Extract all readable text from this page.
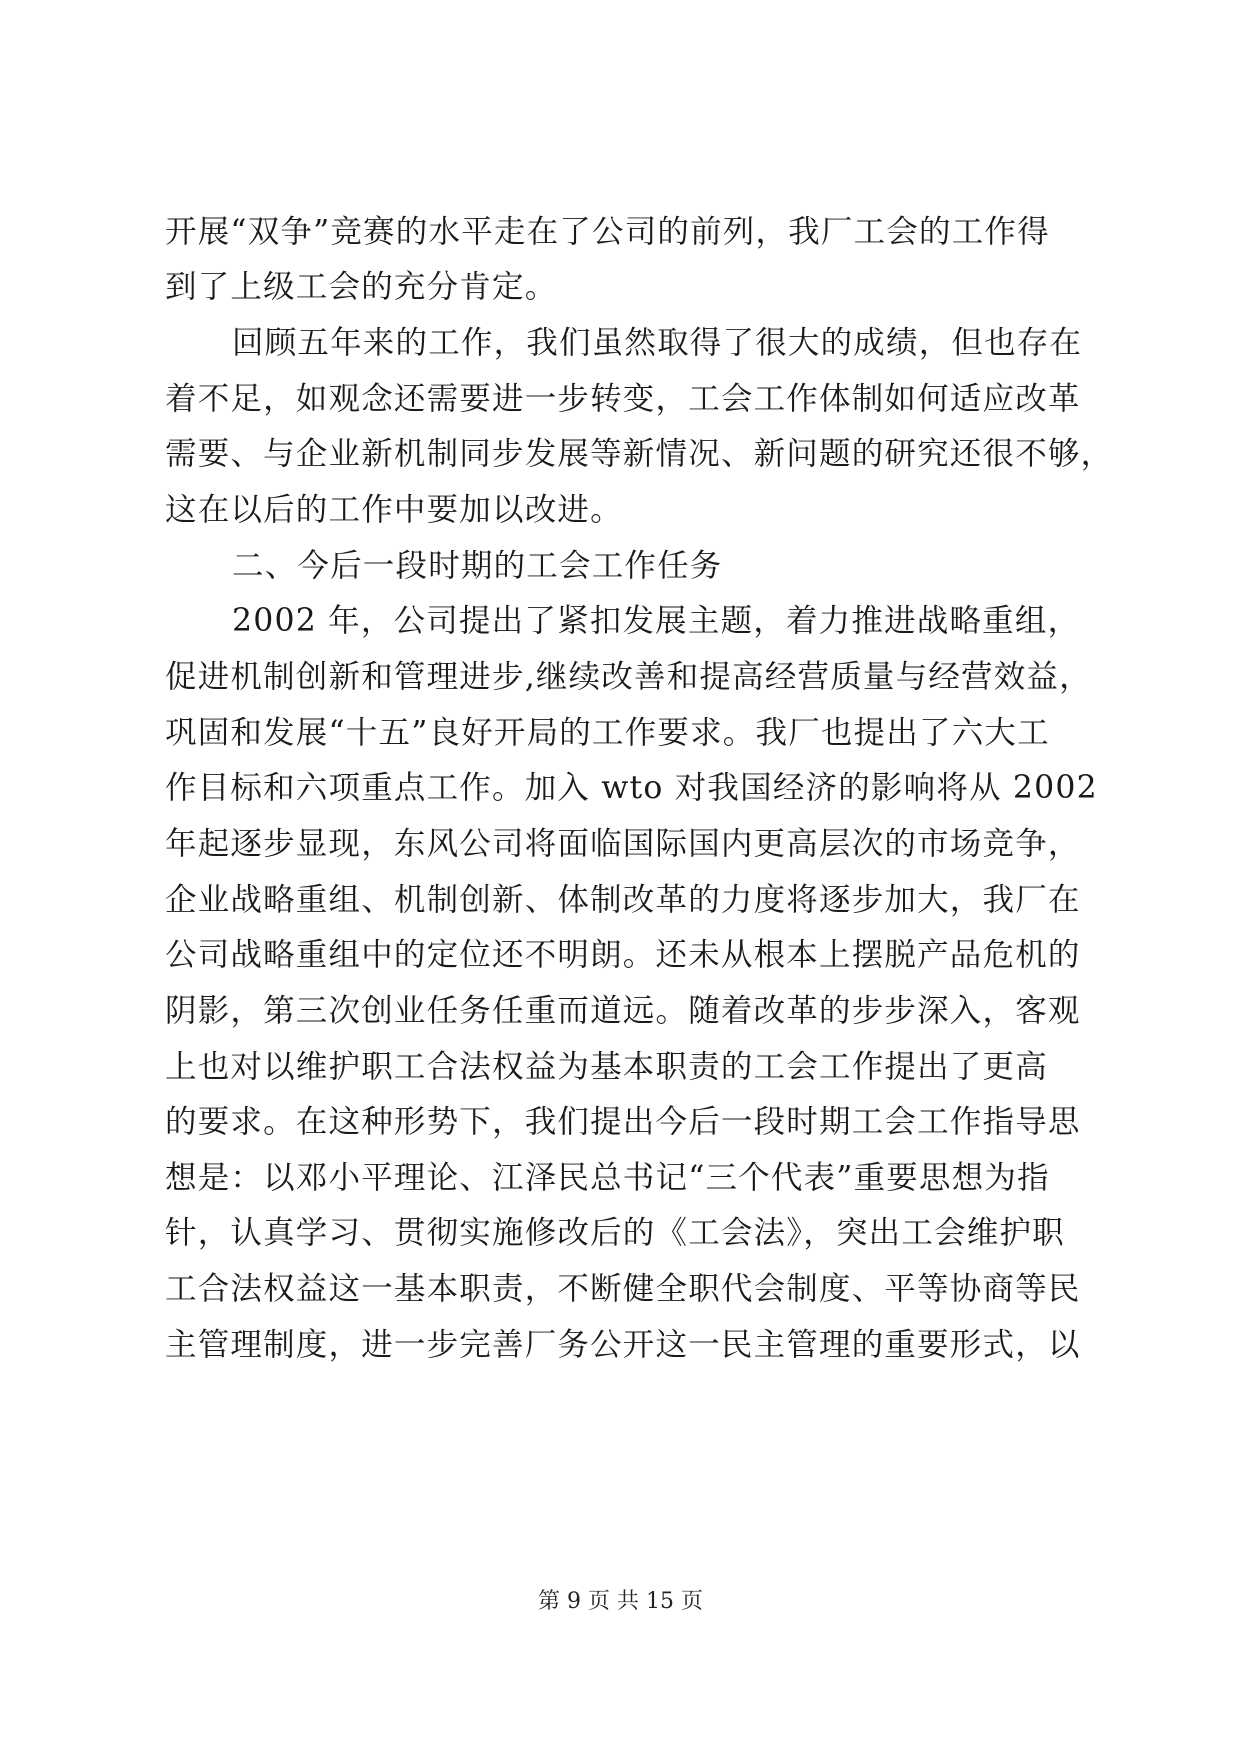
开展“双争”竞赛的水平走在了公司的前列，我厂工会的工作得
到了上级工会的充分肯定。
回顾五年来的工作，我们虽然取得了很大的成绩，但也存在
着不足，如观念还需要进一步转变，工会工作体制如何适应改革
需要、与企业新机制同步发展等新情况、新问题的研究还很不够，
这在以后的工作中要加以改进。
二、今后一段时期的工会工作任务
2002 年，公司提出了紧扣发展主题，着力推进战略重组，
促进机制创新和管理进步,继续改善和提高经营质量与经营效益，
巩固和发展“十五”良好开局的工作要求。我厂也提出了六大工
作目标和六项重点工作。加入 wto 对我国经济的影响将从 2002
年起逐步显现，东风公司将面临国际国内更高层次的市场竞争，
企业战略重组、机制创新、体制改革的力度将逐步加大，我厂在
公司战略重组中的定位还不明朗。还未从根本上摆脱产品危机的
阴影，第三次创业任务任重而道远。随着改革的步步深入，客观
上也对以维护职工合法权益为基本职责的工会工作提出了更高
的要求。在这种形势下，我们提出今后一段时期工会工作指导思
想是：以邓小平理论、江泽民总书记“三个代表”重要思想为指
针，认真学习、贯彻实施修改后的《工会法》，突出工会维护职
工合法权益这一基本职责，不断健全职代会制度、平等协商等民
主管理制度，进一步完善厂务公开这一民主管理的重要形式，以
第 9 页 共 15 页
